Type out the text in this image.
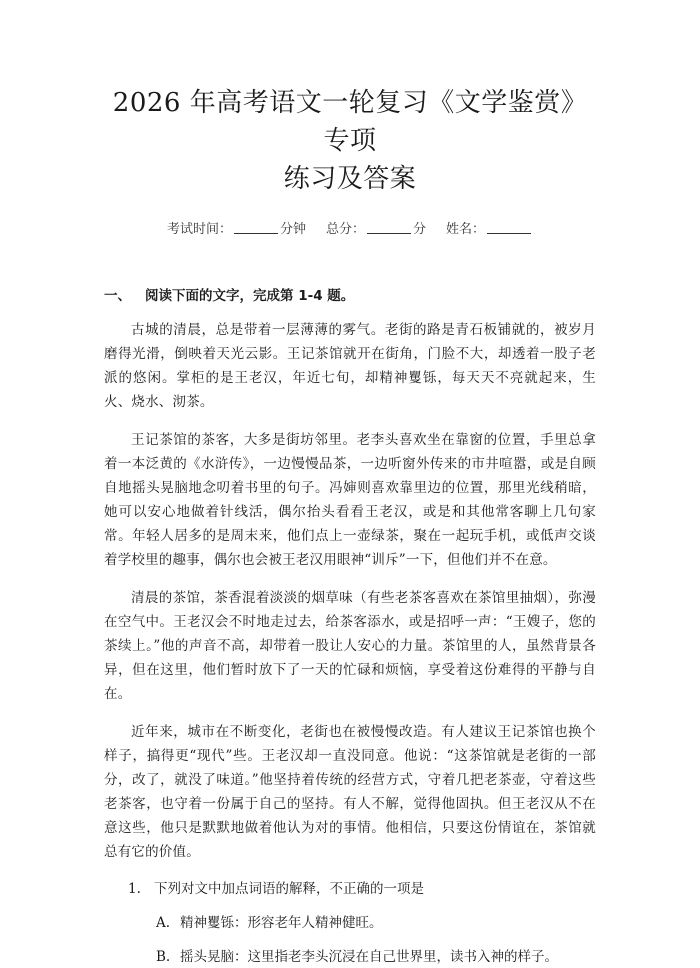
2026 年高考语文一轮复习《文学鉴赏》专项
练习及答案
考试时间：	分钟 总分：	分 姓名：
一、 阅读下面的文字，完成第 1-4 题。

古城的清晨，总是带着一层薄薄的雾气。老街的路是青石板铺就的，被岁月磨得光滑，倒映着天光云影。王记茶馆就开在街角，门脸不大，却透着一股子老派的悠闲。掌柜的是王老汉，年近七旬，却精神矍铄，每天天不亮就起来，生火、烧水、沏茶。

王记茶馆的茶客，大多是街坊邻里。老李头喜欢坐在靠窗的位置，手里总拿着一本泛黄的《水浒传》，一边慢慢品茶，一边听窗外传来的市井喧嚣，或是自顾自地摇头晃脑地念叨着书里的句子。冯婶则喜欢靠里边的位置，那里光线稍暗，她可以安心地做着针线活，偶尔抬头看看王老汉，或是和其他常客聊上几句家常。年轻人居多的是周末来，他们点上一壶绿茶，聚在一起玩手机，或低声交谈着学校里的趣事，偶尔也会被王老汉用眼神“训斥”一下，但他们并不在意。

清晨的茶馆，茶香混着淡淡的烟草味（有些老茶客喜欢在茶馆里抽烟），弥漫在空气中。王老汉会不时地走过去，给茶客添水，或是招呼一声：“王嫂子，您的茶续上。”他的声音不高，却带着一股让人安心的力量。茶馆里的人，虽然背景各异，但在这里，他们暂时放下了一天的忙碌和烦恼，享受着这份难得的平静与自在。

近年来，城市在不断变化，老街也在被慢慢改造。有人建议王记茶馆也换个样子，搞得更“现代”些。王老汉却一直没同意。他说：“这茶馆就是老街的一部分，改了，就没了味道。”他坚持着传统的经营方式，守着几把老茶壶，守着这些老茶客，也守着一份属于自己的坚持。有人不解，觉得他固执。但王老汉从不在意这些，他只是默默地做着他认为对的事情。他相信，只要这份情谊在，茶馆就总有它的价值。

1. 下列对文中加点词语的解释，不正确的一项是
A. 精神矍铄：形容老年人精神健旺。
B. 摇头晃脑：这里指老李头沉浸在自己世界里，读书入神的样子。
